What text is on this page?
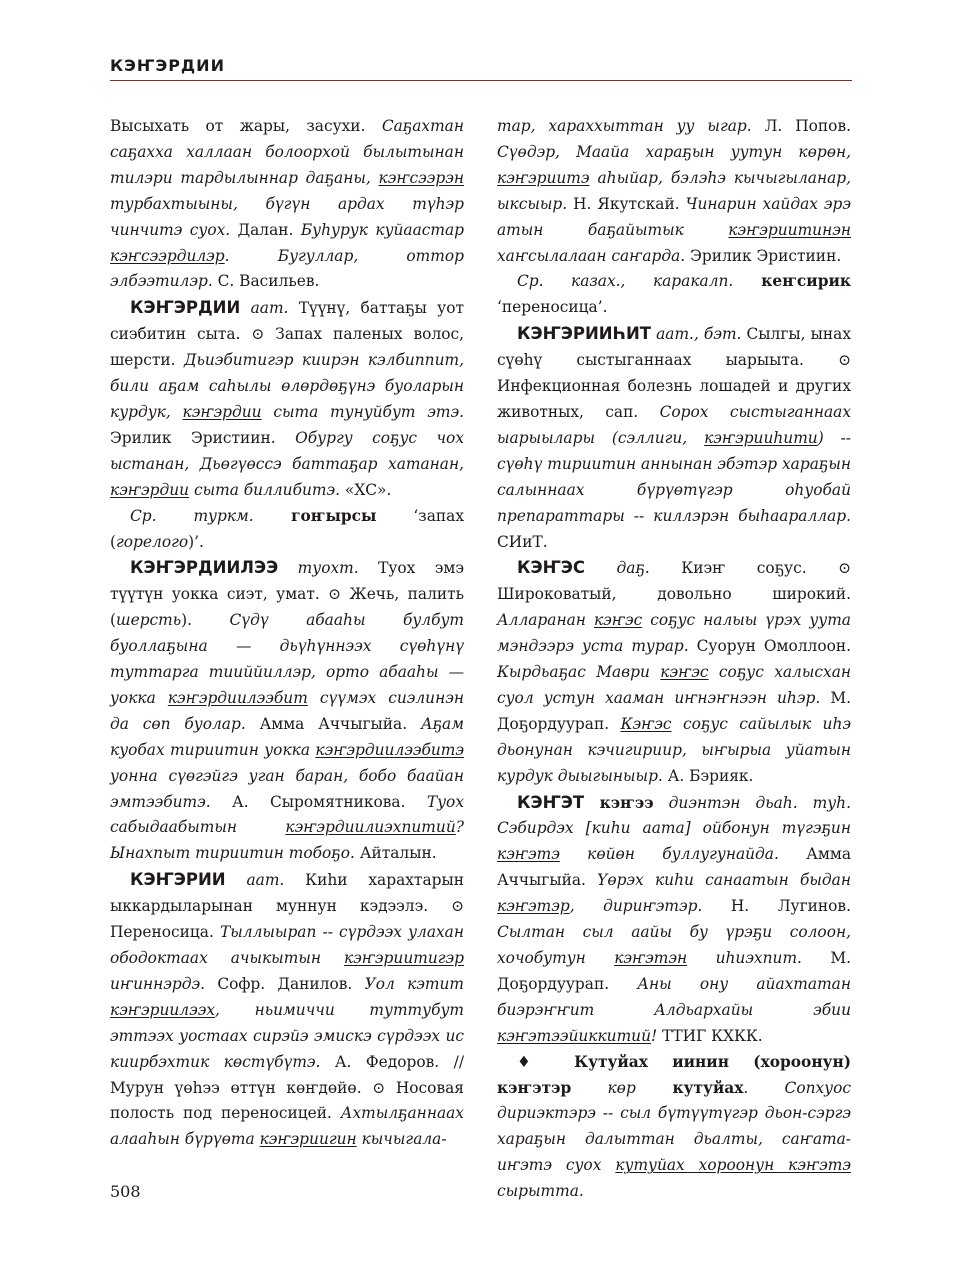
КЭҤЭРДИИ

Высыхать от жары, засухи. Саҕахтан саҕахха халлаан болоорхой былытынан тилэри тардылыннар даҕаны, кэҥсээрэн турбахтыыны, бүгүн ардах түһэр чинчитэ суох. Далан. Буһурук куйаастар кэҥсээрдилэр. Бугуллар, оттор элбээтилэр. С. Васильев.

КЭҤЭРДИИ аат. Түүнү, баттаҕы уот сиэбитин сыта. ⊙ Запах паленых волос, шерсти. Дьиэбитигэр киирэн кэлбиппит, били аҕам саһылы өлөрдөҕүнэ буоларын курдук, кэҥэрдии сыта тунуйбут этэ. Эрилик Эристиин. Обургу соҕус чох ыстанан, Дьөгүөссэ баттаҕар хатанан, кэҥэрдии сыта биллибитэ. «ХС».

Ср. туркм. гоҥырсы ‘запах (горелого)’.

КЭҤЭРДИИЛЭЭ туохт. Туох эмэ түүтүн уокка сиэт, умат. ⊙ Жечь, палить (шерсть). Сүдү абааһы булбут буоллаҕына — дьүһүннээх сүөһүнү туттарга тииййиллэр, орто абааһы — уокка кэҥэрдиилээбит сүүмэх сиэлинэн да сөп буолар. Амма Аччыгыйа. Аҕам куобах тириитин уокка кэҥэрдиилээбитэ уонна сүөгэйгэ уган баран, бобо баайан эмтээбитэ. А. Сыромятникова. Туох сабыдаабытын кэҥэрдиилиэхпитий? Ынахпыт тириитин тобоҕо. Айталын.

КЭҤЭРИИ аат. Киһи харахтарын ыккардыларынан муннун кэдээлэ. ⊙ Переносица. Тыллыырап -- сүрдээх улахан ободоктаах ачыкытын кэҥэриитигэр иҥиннэрдэ. Софр. Данилов. Уол кэтит кэҥэриилээх, ньимиччи туттубут эттээх уостаах сирэйэ эмискэ сүрдээх ис киирбэхтик көстүбүтэ. А. Федоров. // Мурун үөһээ өттүн көҥдөйө. ⊙ Носовая полость под переносицей. Ахтылҕаннаах алааһын бүрүөта кэҥэриигин кычыгала-

тар, хараххыттан уу ыгар. Л. Попов. Сүөдэр, Маайа хараҕын уутун көрөн, кэҥэриитэ аһыйар, бэлэһэ кычыгыланар, ыксыыр. Н. Якутскай. Чинарин хайдах эрэ атын баҕайытык кэҥэриитинэн хаҥсылалаан саҥарда. Эрилик Эристиин.

Ср. казах., каракалп. кеҥсирик ‘переносица’.

КЭҤЭРИИҺИТ аат., бэт. Сылгы, ынах сүөһү сыстыганнаах ыарыыта. ⊙ Инфекционная болезнь лошадей и других животных, сап. Сорох сыстыганнаах ыарыылары (сэллиги, кэҥэрииһити) -- сүөһү тириитин аннынан эбэтэр хараҕын салыннаах бүрүөтүгэр оһуобай препараттары -- киллэрэн быһаараллар. СИиТ.

КЭҤЭС даҕ. Киэҥ соҕус. ⊙ Широковатый, довольно широкий. Алларанан кэҥэс соҕус налыы үрэх уута мэндээрэ уста турар. Суорун Омоллоон. Кырдьаҕас Маври кэҥэс соҕус халысхан суол устун хааман иҥнэҥнээн иһэр. М. Доҕордуурап. Кэҥэс соҕус сайылык иһэ дьонунан кэчигириир, ыҥырыа уйатын курдук дыыгыныыр. А. Бэрияк.

КЭҤЭТ кэҥээ диэнтэн дьаһ. туһ. Сэбирдэх [киһи аата] ойбонун түгэҕин кэҥэтэ көйөн буллугунайда. Амма Аччыгыйа. Үөрэх киһи санаатын быдан кэҥэтэр, дириҥэтэр. Н. Лугинов. Сылтан сыл аайы бу үрэҕи солоон, хочобутун кэҥэтэн иһиэхпит. М. Доҕордуурап. Аны ону айахтатан биэрэҥҥит Алдьархайы эбии кэҥэтээйиккитий! ТТИГ КХКК.

♦ Кутуйах иинин (хороонун) кэҥэтэр көр кутуйах. Сопхуос дириэктэрэ -- сыл бүтүүтүгэр дьон-сэргэ хараҕын далыттан дьалты, саҥата-иҥэтэ суох кутуйах хороонун кэҥэтэ сырытта.

508
